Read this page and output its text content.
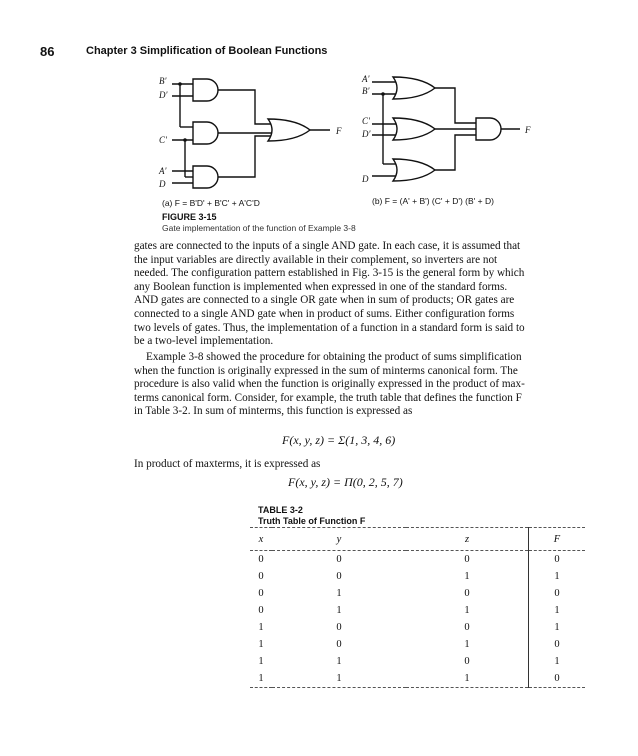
86	Chapter 3 Simplification of Boolean Functions
B'
D'
C'
A'
D
F
A'
B'
C'
D'
D
F
(a) F = B'D' + B'C' + A'C'D	(b) F = (A' + B') (C' + D') (B' + D)
FIGURE 3-15
Gate implementation of the function of Example 3-8

gates are connected to the inputs of a single AND gate. In each case, it is assumed that

the input variables are directly available in their complement, so inverters are not

needed. The configuration pattern established in Fig. 3-15 is the general form by which

any Boolean function is implemented when expressed in one of the standard forms.

AND gates are connected to a single OR gate when in sum of products; OR gates are

connected to a single AND gate when in product of sums. Either configuration forms

two levels of gates. Thus, the implementation of a function in a standard form is said to

be a two-level implementation.

Example 3-8 showed the procedure for obtaining the product of sums simplification

when the function is originally expressed in the sum of minterms canonical form. The

procedure is also valid when the function is originally expressed in the product of max-

terms canonical form. Consider, for example, the truth table that defines the function F

in Table 3-2. In sum of minterms, this function is expressed as

F(x, y, z) = Σ(1, 3, 4, 6)

In product of maxterms, it is expressed as

F(x, y, z) = Π(0, 2, 5, 7)
TABLE 3-2
Truth Table of Function F
x	y	z	F
0	0	0	0
0	0	1	1
0	1	0	0
0	1	1	1
1	0	0	1
1	0	1	0
1	1	0	1
1	1	1	0
